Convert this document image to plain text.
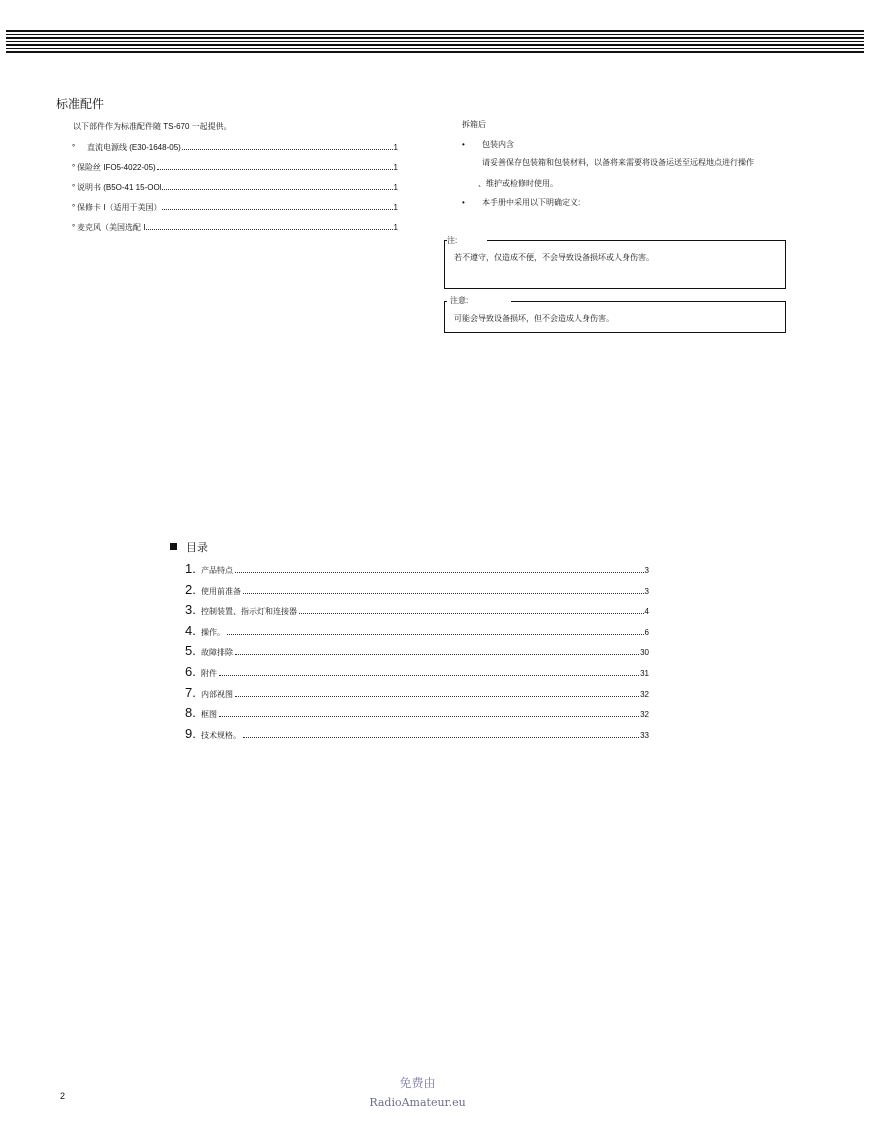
标准配件
以下部件作为标准配件随 TS-670 一起提供。
°	直流电源线 (E30-1648-05)	1
° 保险丝 IFO5-4022-05)	1
° 说明书 (B5O-41 15-OOl	1
° 保修卡 I（适用于美国）	1
° 麦克风（美国选配 I	1
拆箱后
• 包装内含
请妥善保存包装箱和包装材料，以备将来需要将设备运送至远程地点进行操作
、维护或检修时使用。
• 本手册中采用以下明确定义:
注:
若不遵守，仅造成不便，不会导致设备损坏或人身伤害。
注意:
可能会导致设备损坏，但不会造成人身伤害。
目录
1. 产品特点	3
2. 使用前准备	3
3. 控制装置、指示灯和连接器	4
4. 操作。	6
5. 故障排除	30
6. 附件	31
7. 内部视图	32
8. 框图	32
9. 技术规格。	33
2
免费由
RadioAmateur.eu
